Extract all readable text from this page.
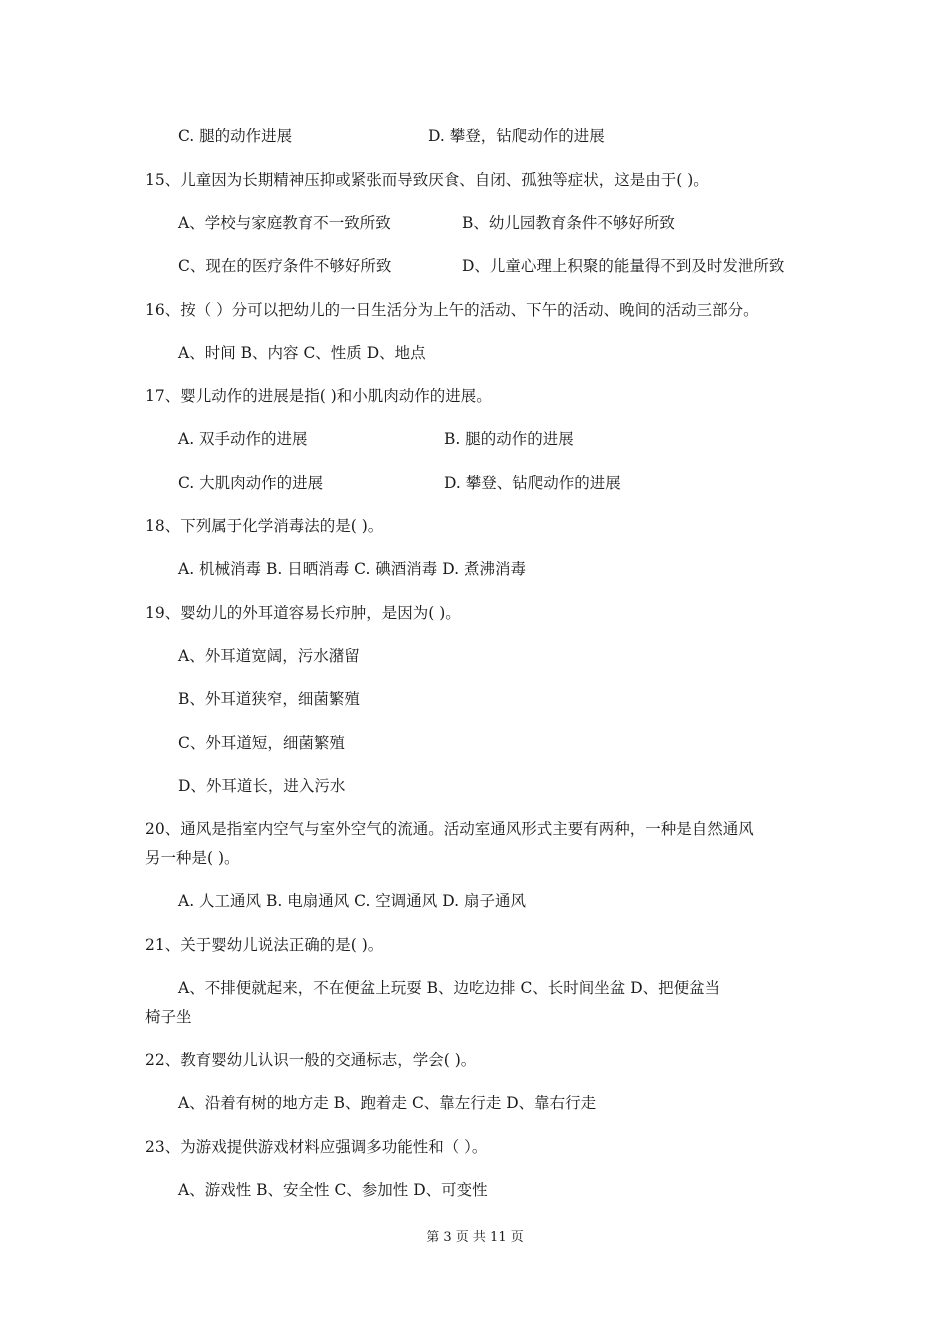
C. 腿的动作进展	D. 攀登，钻爬动作的进展
15、儿童因为长期精神压抑或紧张而导致厌食、自闭、孤独等症状，这是由于( )。
A、学校与家庭教育不一致所致	B、幼儿园教育条件不够好所致
C、现在的医疗条件不够好所致	D、儿童心理上积聚的能量得不到及时发泄所致
16、按（ ）分可以把幼儿的一日生活分为上午的活动、下午的活动、晚间的活动三部分。
A、时间 B、内容 C、性质 D、地点
17、婴儿动作的进展是指( )和小肌肉动作的进展。
A. 双手动作的进展	B. 腿的动作的进展
C. 大肌肉动作的进展	D. 攀登、钻爬动作的进展
18、下列属于化学消毒法的是( )。
A. 机械消毒 B. 日晒消毒 C. 碘酒消毒 D. 煮沸消毒
19、婴幼儿的外耳道容易长疖肿，是因为( )。
A、外耳道宽阔，污水潴留
B、外耳道狭窄，细菌繁殖
C、外耳道短，细菌繁殖
D、外耳道长，进入污水
20、通风是指室内空气与室外空气的流通。活动室通风形式主要有两种，一种是自然通风
另一种是( )。
A. 人工通风 B. 电扇通风 C. 空调通风 D. 扇子通风
21、关于婴幼儿说法正确的是( )。
A、不排便就起来，不在便盆上玩耍 B、边吃边排 C、长时间坐盆 D、把便盆当
椅子坐
22、教育婴幼儿认识一般的交通标志，学会( )。
A、沿着有树的地方走 B、跑着走 C、靠左行走 D、靠右行走
23、为游戏提供游戏材料应强调多功能性和（ ）。
A、游戏性 B、安全性 C、参加性 D、可变性
第 3 页 共 11 页
